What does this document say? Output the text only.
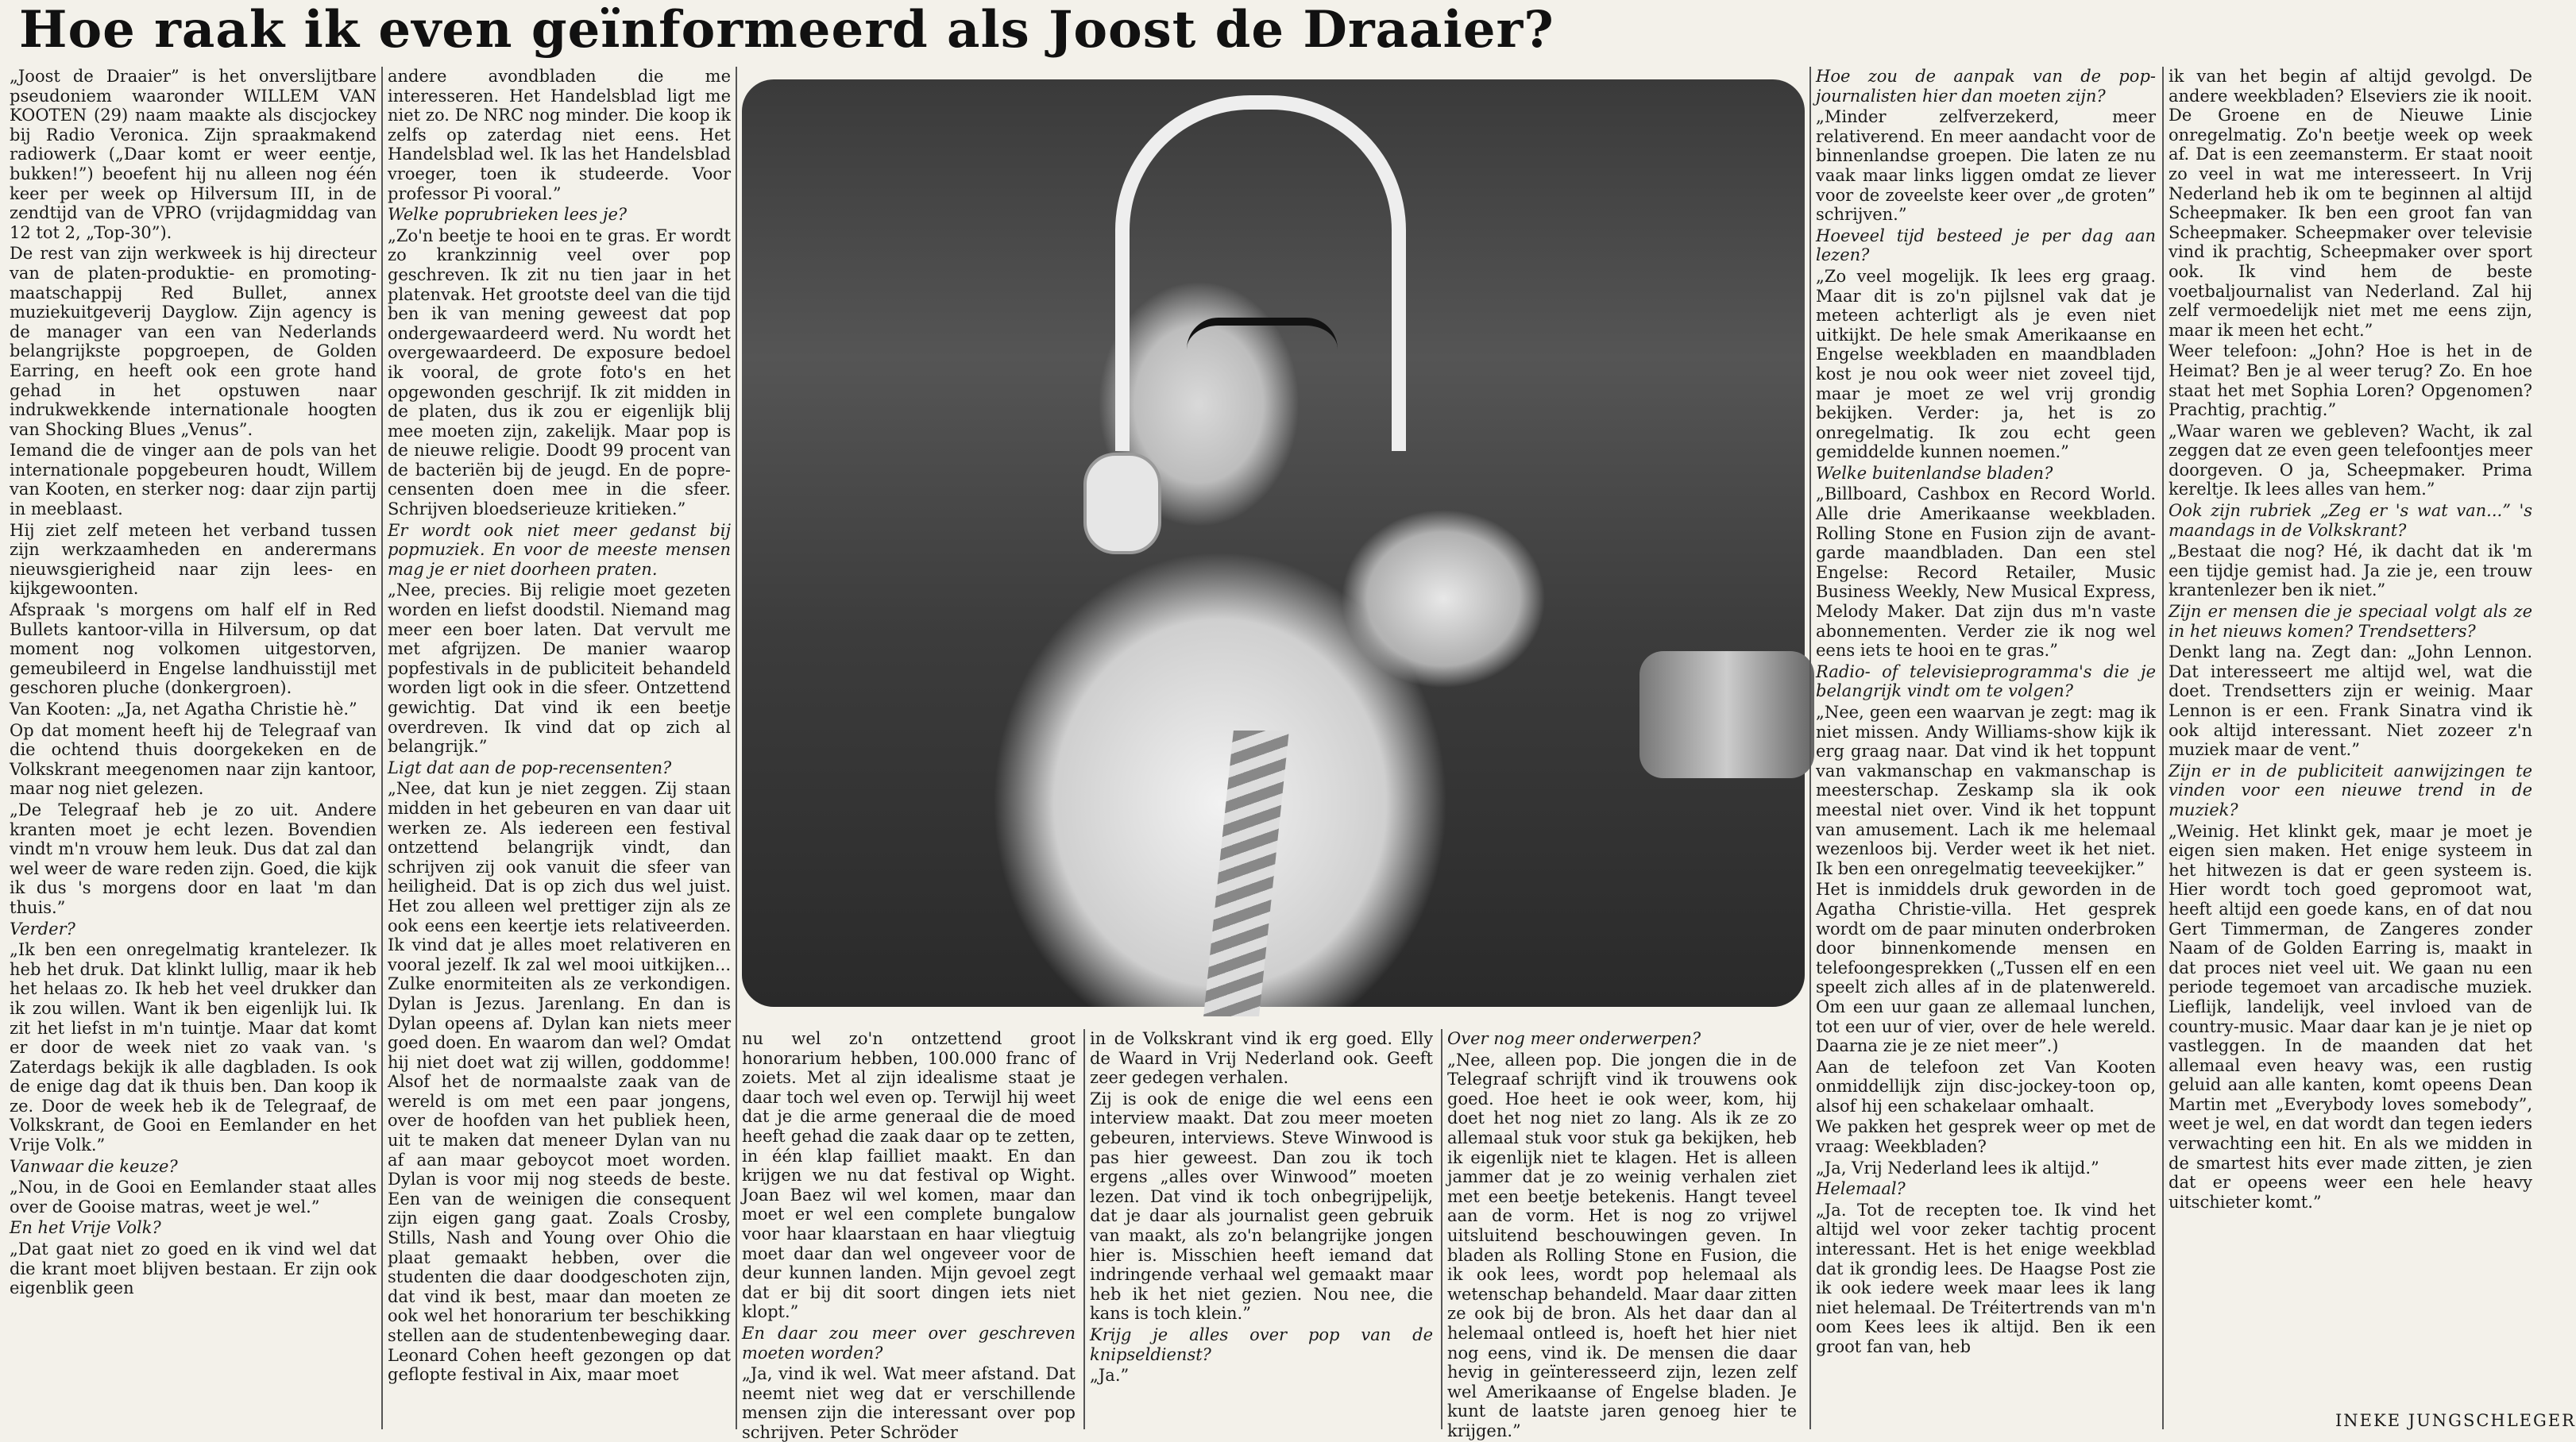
Hoe raak ik even geïnformeerd als Joost de Draaier?

„Joost de Draaier” is het onverslijtbare pseudoniem waaronder WILLEM VAN KOOTEN (29) naam maakte als discjockey bij Radio Veronica. Zijn spraakmakend radiowerk („Daar komt er weer eentje, bukken!”) beoefent hij nu alleen nog één keer per week op Hilversum III, in de zendtijd van de VPRO (vrijdagmiddag van 12 tot 2, „Top-30”).

De rest van zijn werkweek is hij directeur van de platen-produktie- en promoting-maatschappij Red Bullet, annex muziekuitgeverij Dayglow. Zijn agency is de manager van een van Nederlands belangrijkste popgroepen, de Golden Earring, en heeft ook een grote hand gehad in het opstuwen naar indrukwekkende internationale hoogten van Shocking Blues „Venus”.

Iemand die de vinger aan de pols van het internationale popgebeuren houdt, Willem van Kooten, en sterker nog: daar zijn partij in meeblaast.

Hij ziet zelf meteen het verband tussen zijn werkzaamheden en anderermans nieuwsgierigheid naar zijn lees- en kijkgewoonten.

Afspraak 's morgens om half elf in Red Bullets kantoor-villa in Hilversum, op dat moment nog volkomen uitgestorven, gemeubileerd in Engelse landhuisstijl met geschoren pluche (donkergroen).

Van Kooten: „Ja, net Agatha Christie hè.”

Op dat moment heeft hij de Telegraaf van die ochtend thuis doorgekeken en de Volkskrant meegenomen naar zijn kantoor, maar nog niet gelezen.

„De Telegraaf heb je zo uit. Andere kranten moet je echt lezen. Bovendien vindt m'n vrouw hem leuk. Dus dat zal dan wel weer de ware reden zijn. Goed, die kijk ik dus 's morgens door en laat 'm dan thuis.”

Verder?

„Ik ben een onregelmatig krantelezer. Ik heb het druk. Dat klinkt lullig, maar ik heb het helaas zo. Ik heb het veel drukker dan ik zou willen. Want ik ben eigenlijk lui. Ik zit het liefst in m'n tuintje. Maar dat komt er door de week niet zo vaak van. 's Zaterdags bekijk ik alle dagbladen. Is ook de enige dag dat ik thuis ben. Dan koop ik ze. Door de week heb ik de Telegraaf, de Volkskrant, de Gooi en Eemlander en het Vrije Volk.”

Vanwaar die keuze?

„Nou, in de Gooi en Eemlander staat alles over de Gooise matras, weet je wel.”

En het Vrije Volk?

„Dat gaat niet zo goed en ik vind wel dat die krant moet blijven bestaan. Er zijn ook eigenblik geen

andere avondbladen die me interesseren. Het Handelsblad ligt me niet zo. De NRC nog minder. Die koop ik zelfs op zaterdag niet eens. Het Handelsblad wel. Ik las het Handelsblad vroeger, toen ik studeerde. Voor professor Pi vooral.”

Welke poprubrieken lees je?

„Zo'n beetje te hooi en te gras. Er wordt zo krankzinnig veel over pop geschreven. Ik zit nu tien jaar in het platenvak. Het grootste deel van die tijd ben ik van mening geweest dat pop ondergewaardeerd werd. Nu wordt het overgewaardeerd. De exposure bedoel ik vooral, de grote foto's en het opgewonden geschrijf. Ik zit midden in de platen, dus ik zou er eigenlijk blij mee moeten zijn, zakelijk. Maar pop is de nieuwe religie. Doodt 99 procent van de bacteriën bij de jeugd. En de poprecensenten doen mee in die sfeer. Schrijven bloedserieuze kritieken.”

Er wordt ook niet meer gedanst bij popmuziek. En voor de meeste mensen mag je er niet doorheen praten.

„Nee, precies. Bij religie moet gezeten worden en liefst doodstil. Niemand mag meer een boer laten. Dat vervult me met afgrijzen. De manier waarop popfestivals in de publiciteit behandeld worden ligt ook in die sfeer. Ontzettend gewichtig. Dat vind ik een beetje overdreven. Ik vind dat op zich al belangrijk.”

Ligt dat aan de pop-recensenten?

„Nee, dat kun je niet zeggen. Zij staan midden in het gebeuren en van daar uit werken ze. Als iedereen een festival ontzettend belangrijk vindt, dan schrijven zij ook vanuit die sfeer van heiligheid. Dat is op zich dus wel juist. Het zou alleen wel prettiger zijn als ze ook eens een keertje iets relativeerden. Ik vind dat je alles moet relativeren en vooral jezelf. Ik zal wel mooi uitkijken... Zulke enormiteiten als ze verkondigen. Dylan is Jezus. Jarenlang. En dan is Dylan opeens af. Dylan kan niets meer goed doen. En waarom dan wel? Omdat hij niet doet wat zij willen, goddomme! Alsof het de normaalste zaak van de wereld is om met een paar jongens, over de hoofden van het publiek heen, uit te maken dat meneer Dylan van nu af aan maar geboycot moet worden. Dylan is voor mij nog steeds de beste. Een van de weinigen die consequent zijn eigen gang gaat. Zoals Crosby, Stills, Nash and Young over Ohio die plaat gemaakt hebben, over die studenten die daar doodgeschoten zijn, dat vind ik best, maar dan moeten ze ook wel het honorarium ter beschikking stellen aan de studentenbeweging daar. Leonard Cohen heeft gezongen op dat geflopte festival in Aix, maar moet

nu wel zo'n ontzettend groot honorarium hebben, 100.000 franc of zoiets. Met al zijn idealisme staat je daar toch wel even op. Terwijl hij weet dat je die arme generaal die de moed heeft gehad die zaak daar op te zetten, in één klap failliet maakt. En dan krijgen we nu dat festival op Wight. Joan Baez wil wel komen, maar dan moet er wel een complete bungalow voor haar klaarstaan en haar vliegtuig moet daar dan wel ongeveer voor de deur kunnen landen. Mijn gevoel zegt dat er bij dit soort dingen iets niet klopt.”

En daar zou meer over geschreven moeten worden?

„Ja, vind ik wel. Wat meer afstand. Dat neemt niet weg dat er verschillende mensen zijn die interessant over pop schrijven. Peter Schröder

in de Volkskrant vind ik erg goed. Elly de Waard in Vrij Nederland ook. Geeft zeer gedegen verhalen.

Zij is ook de enige die wel eens een interview maakt. Dat zou meer moeten gebeuren, interviews. Steve Winwood is pas hier geweest. Dan zou ik toch ergens „alles over Winwood” moeten lezen. Dat vind ik toch onbegrijpelijk, dat je daar als journalist geen gebruik van maakt, als zo'n belangrijke jongen hier is. Misschien heeft iemand dat indringende verhaal wel gemaakt maar heb ik het niet gezien. Nou nee, die kans is toch klein.”

Krijg je alles over pop van de knipseldienst?

„Ja.”

Over nog meer onderwerpen?

„Nee, alleen pop. Die jongen die in de Telegraaf schrijft vind ik trouwens ook goed. Hoe heet ie ook weer, kom, hij doet het nog niet zo lang. Als ik ze zo allemaal stuk voor stuk ga bekijken, heb ik eigenlijk niet te klagen. Het is alleen jammer dat je zo weinig verhalen ziet met een beetje betekenis. Hangt teveel aan de vorm. Het is nog zo vrijwel uitsluitend beschouwingen geven. In bladen als Rolling Stone en Fusion, die ik ook lees, wordt pop helemaal als wetenschap behandeld. Maar daar zitten ze ook bij de bron. Als het daar dan al helemaal ontleed is, hoeft het hier niet nog eens, vind ik. De mensen die daar hevig in geïnteresseerd zijn, lezen zelf wel Amerikaanse of Engelse bladen. Je kunt de laatste jaren genoeg hier te krijgen.”

Hoe zou de aanpak van de pop-journalisten hier dan moeten zijn?

„Minder zelfverzekerd, meer relativerend. En meer aandacht voor de binnenlandse groepen. Die laten ze nu vaak maar links liggen omdat ze liever voor de zoveelste keer over „de groten” schrijven.”

Hoeveel tijd besteed je per dag aan lezen?

„Zo veel mogelijk. Ik lees erg graag. Maar dit is zo'n pijlsnel vak dat je meteen achterligt als je even niet uitkijkt. De hele smak Amerikaanse en Engelse weekbladen en maandbladen kost je nou ook weer niet zoveel tijd, maar je moet ze wel vrij grondig bekijken. Verder: ja, het is zo onregelmatig. Ik zou echt geen gemiddelde kunnen noemen.”

Welke buitenlandse bladen?

„Billboard, Cashbox en Record World. Alle drie Amerikaanse weekbladen. Rolling Stone en Fusion zijn de avant-garde maandbladen. Dan een stel Engelse: Record Retailer, Music Business Weekly, New Musical Express, Melody Maker. Dat zijn dus m'n vaste abonnementen. Verder zie ik nog wel eens iets te hooi en te gras.”

Radio- of televisieprogramma's die je belangrijk vindt om te volgen?

„Nee, geen een waarvan je zegt: mag ik niet missen. Andy Williams-show kijk ik erg graag naar. Dat vind ik het toppunt van vakmanschap en vakmanschap is meesterschap. Zeskamp sla ik ook meestal niet over. Vind ik het toppunt van amusement. Lach ik me helemaal wezenloos bij. Verder weet ik het niet. Ik ben een onregelmatig teeveekijker.”

Het is inmiddels druk geworden in de Agatha Christie-villa. Het gesprek wordt om de paar minuten onderbroken door binnenkomende mensen en telefoongesprekken („Tussen elf en een speelt zich alles af in de platenwereld. Om een uur gaan ze allemaal lunchen, tot een uur of vier, over de hele wereld. Daarna zie je ze niet meer”.)

Aan de telefoon zet Van Kooten onmiddellijk zijn disc-jockey-toon op, alsof hij een schakelaar omhaalt.

We pakken het gesprek weer op met de vraag: Weekbladen?

„Ja, Vrij Nederland lees ik altijd.”

Helemaal?

„Ja. Tot de recepten toe. Ik vind het altijd wel voor zeker tachtig procent interessant. Het is het enige weekblad dat ik grondig lees. De Haagse Post zie ik ook iedere week maar lees ik lang niet helemaal. De Tréitertrends van m'n oom Kees lees ik altijd. Ben ik een groot fan van, heb

ik van het begin af altijd gevolgd. De andere weekbladen? Elseviers zie ik nooit. De Groene en de Nieuwe Linie onregelmatig. Zo'n beetje week op week af. Dat is een zeemansterm. Er staat nooit zo veel in wat me interesseert. In Vrij Nederland heb ik om te beginnen al altijd Scheepmaker. Ik ben een groot fan van Scheepmaker. Scheepmaker over televisie vind ik prachtig, Scheepmaker over sport ook. Ik vind hem de beste voetbaljournalist van Nederland. Zal hij zelf vermoedelijk niet met me eens zijn, maar ik meen het echt.”

Weer telefoon: „John? Hoe is het in de Heimat? Ben je al weer terug? Zo. En hoe staat het met Sophia Loren? Opgenomen? Prachtig, prachtig.”

„Waar waren we gebleven? Wacht, ik zal zeggen dat ze even geen telefoontjes meer doorgeven. O ja, Scheepmaker. Prima kereltje. Ik lees alles van hem.”

Ook zijn rubriek „Zeg er 's wat van...” 's maandags in de Volkskrant?

„Bestaat die nog? Hé, ik dacht dat ik 'm een tijdje gemist had. Ja zie je, een trouw krantenlezer ben ik niet.”

Zijn er mensen die je speciaal volgt als ze in het nieuws komen? Trendsetters?

Denkt lang na. Zegt dan: „John Lennon. Dat interesseert me altijd wel, wat die doet. Trendsetters zijn er weinig. Maar Lennon is er een. Frank Sinatra vind ik ook altijd interessant. Niet zozeer z'n muziek maar de vent.”

Zijn er in de publiciteit aanwijzingen te vinden voor een nieuwe trend in de muziek?

„Weinig. Het klinkt gek, maar je moet je eigen sien maken. Het enige systeem in het hitwezen is dat er geen systeem is. Hier wordt toch goed gepromoot wat, heeft altijd een goede kans, en of dat nou Gert Timmerman, de Zangeres zonder Naam of de Golden Earring is, maakt in dat proces niet veel uit. We gaan nu een periode tegemoet van arcadische muziek. Lieflijk, landelijk, veel invloed van de country-music. Maar daar kan je je niet op vastleggen. In de maanden dat het allemaal even heavy was, een rustig geluid aan alle kanten, komt opeens Dean Martin met „Everybody loves somebody”, weet je wel, en dat wordt dan tegen ieders verwachting een hit. En als we midden in de smartest hits ever made zitten, je zien dat er opeens weer een hele heavy uitschieter komt.”

INEKE JUNGSCHLEGER
